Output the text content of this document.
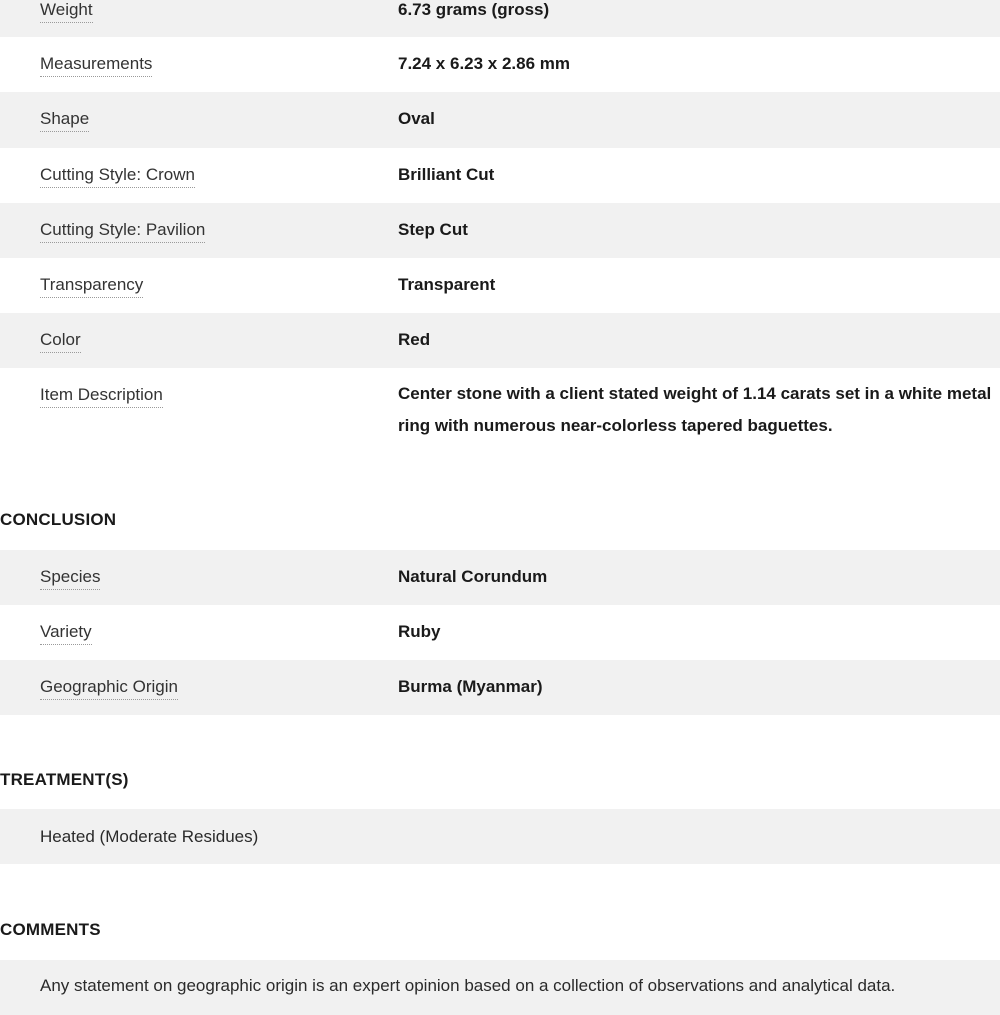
Weight	6.73 grams (gross)
Measurements	7.24 x 6.23 x 2.86 mm
Shape	Oval
Cutting Style: Crown	Brilliant Cut
Cutting Style: Pavilion	Step Cut
Transparency	Transparent
Color	Red
Item Description	Center stone with a client stated weight of 1.14 carats set in a white metal ring with numerous near-colorless tapered baguettes.
CONCLUSION
Species	Natural Corundum
Variety	Ruby
Geographic Origin	Burma (Myanmar)
TREATMENT(S)
Heated (Moderate Residues)
COMMENTS
Any statement on geographic origin is an expert opinion based on a collection of observations and analytical data.
